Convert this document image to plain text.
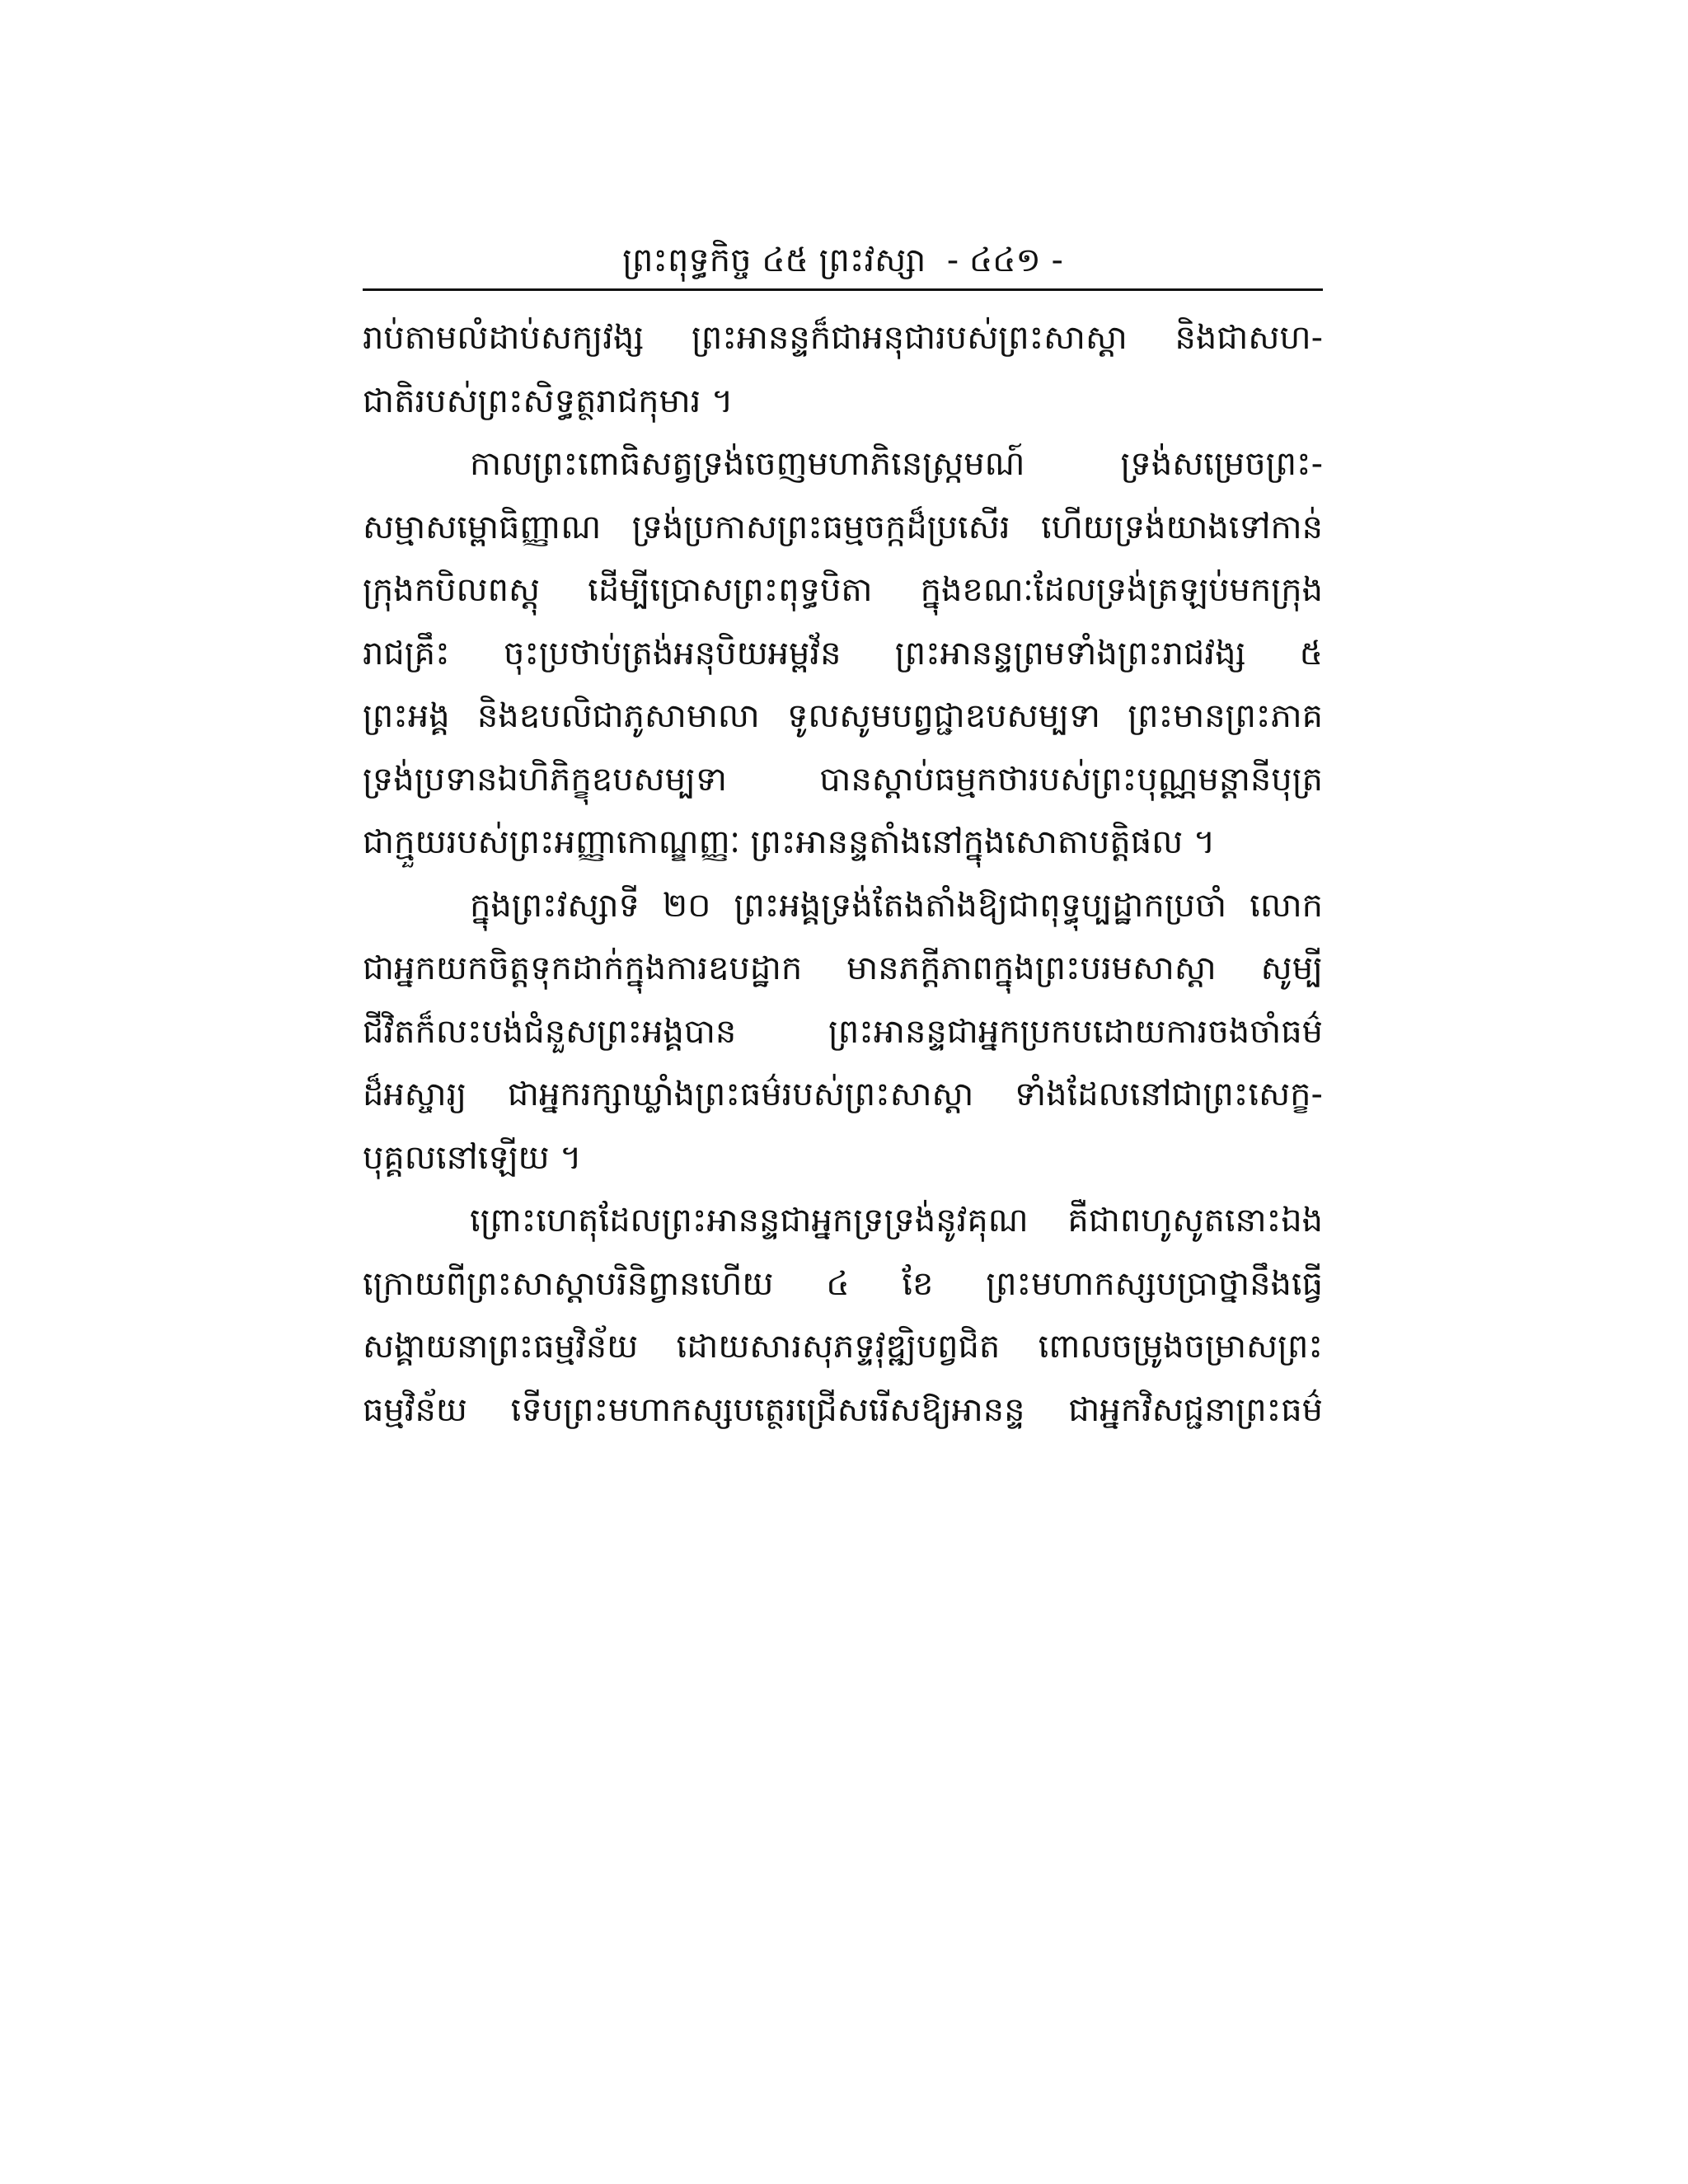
ព្រះពុទ្ធកិច្ច ៤៥ ព្រះវស្សា ​ - ៤៤១ -
រាប់តាមលំដាប់សក្យវង្ស ព្រះអានន្ទក៏ជាអនុជារបស់ព្រះសាស្ដា និងជាសហ-
ជាតិរបស់ព្រះសិទ្ធត្ថរាជកុមារ ។
កាលព្រះពោធិសត្វទ្រង់ចេញមហាភិនេស្ក្រមណ៍ ទ្រង់សម្រេចព្រះ-
សម្មាសម្ពោធិញ្ញាណ ទ្រង់ប្រកាសព្រះធម្មចក្កដ៏ប្រសើរ ហើយទ្រង់យាងទៅកាន់
ក្រុងកបិលពស្ដុ ដើម្បីប្រោសព្រះពុទ្ធបិតា ក្នុងខណៈដែលទ្រង់ត្រឡប់មកក្រុង
រាជគ្រឹះ ចុះប្រថាប់ត្រង់អនុបិយអម្ពវ័ន ព្រះអានន្ទព្រមទាំងព្រះរាជវង្ស ៥
ព្រះអង្គ និងឧបលិជាភូសាមាលា ទូលសូមបព្វជ្ជាឧបសម្បទា ព្រះមានព្រះភាគ
ទ្រង់ប្រទានឯហិភិក្ខុឧបសម្បទា បានស្ដាប់ធម្មកថារបស់ព្រះបុណ្ណមន្តានីបុត្រ
ជាក្មួយរបស់ព្រះអញ្ញាកោណ្ឌញ្ញៈ ព្រះអានន្ទតាំងនៅក្នុងសោតាបត្តិផល ។
ក្នុងព្រះវស្សាទី ២០ ព្រះអង្គទ្រង់តែងតាំងឱ្យជាពុទ្ធុប្បដ្ឋាកប្រចាំ លោក
ជាអ្នកយកចិត្តទុកដាក់ក្នុងការឧបដ្ឋាក មានភក្តីភាពក្នុងព្រះបរមសាស្ដា សូម្បី
ជីវិតក៏លះបង់ជំនួសព្រះអង្គបាន ព្រះអានន្ទជាអ្នកប្រកបដោយការចងចាំធម៌
ដ៏អស្ចារ្យ ជាអ្នករក្សាឃ្លាំងព្រះធម៌របស់ព្រះសាស្ដា ទាំងដែលនៅជាព្រះសេក្ខ-
បុគ្គលនៅឡើយ ។
ព្រោះហេតុដែលព្រះអានន្ទជាអ្នកទ្រទ្រង់នូវគុណ គឺជាពហូសូតនោះឯង
ក្រោយពីព្រះសាស្ដាបរិនិព្វានហើយ ៤ ខែ ព្រះមហាកស្សបប្រាថ្នានឹងធ្វើ
សង្គាយនាព្រះធម្មវិន័យ ដោយសារសុភទ្ទវុឌ្ឍិបព្វជិត ពោលចម្រូងចម្រាសព្រះ
ធម្មវិន័យ ទើបព្រះមហាកស្សបត្ថេរជ្រើសរើសឱ្យអានន្ទ ជាអ្នកវិសជ្ជនាព្រះធម៌
